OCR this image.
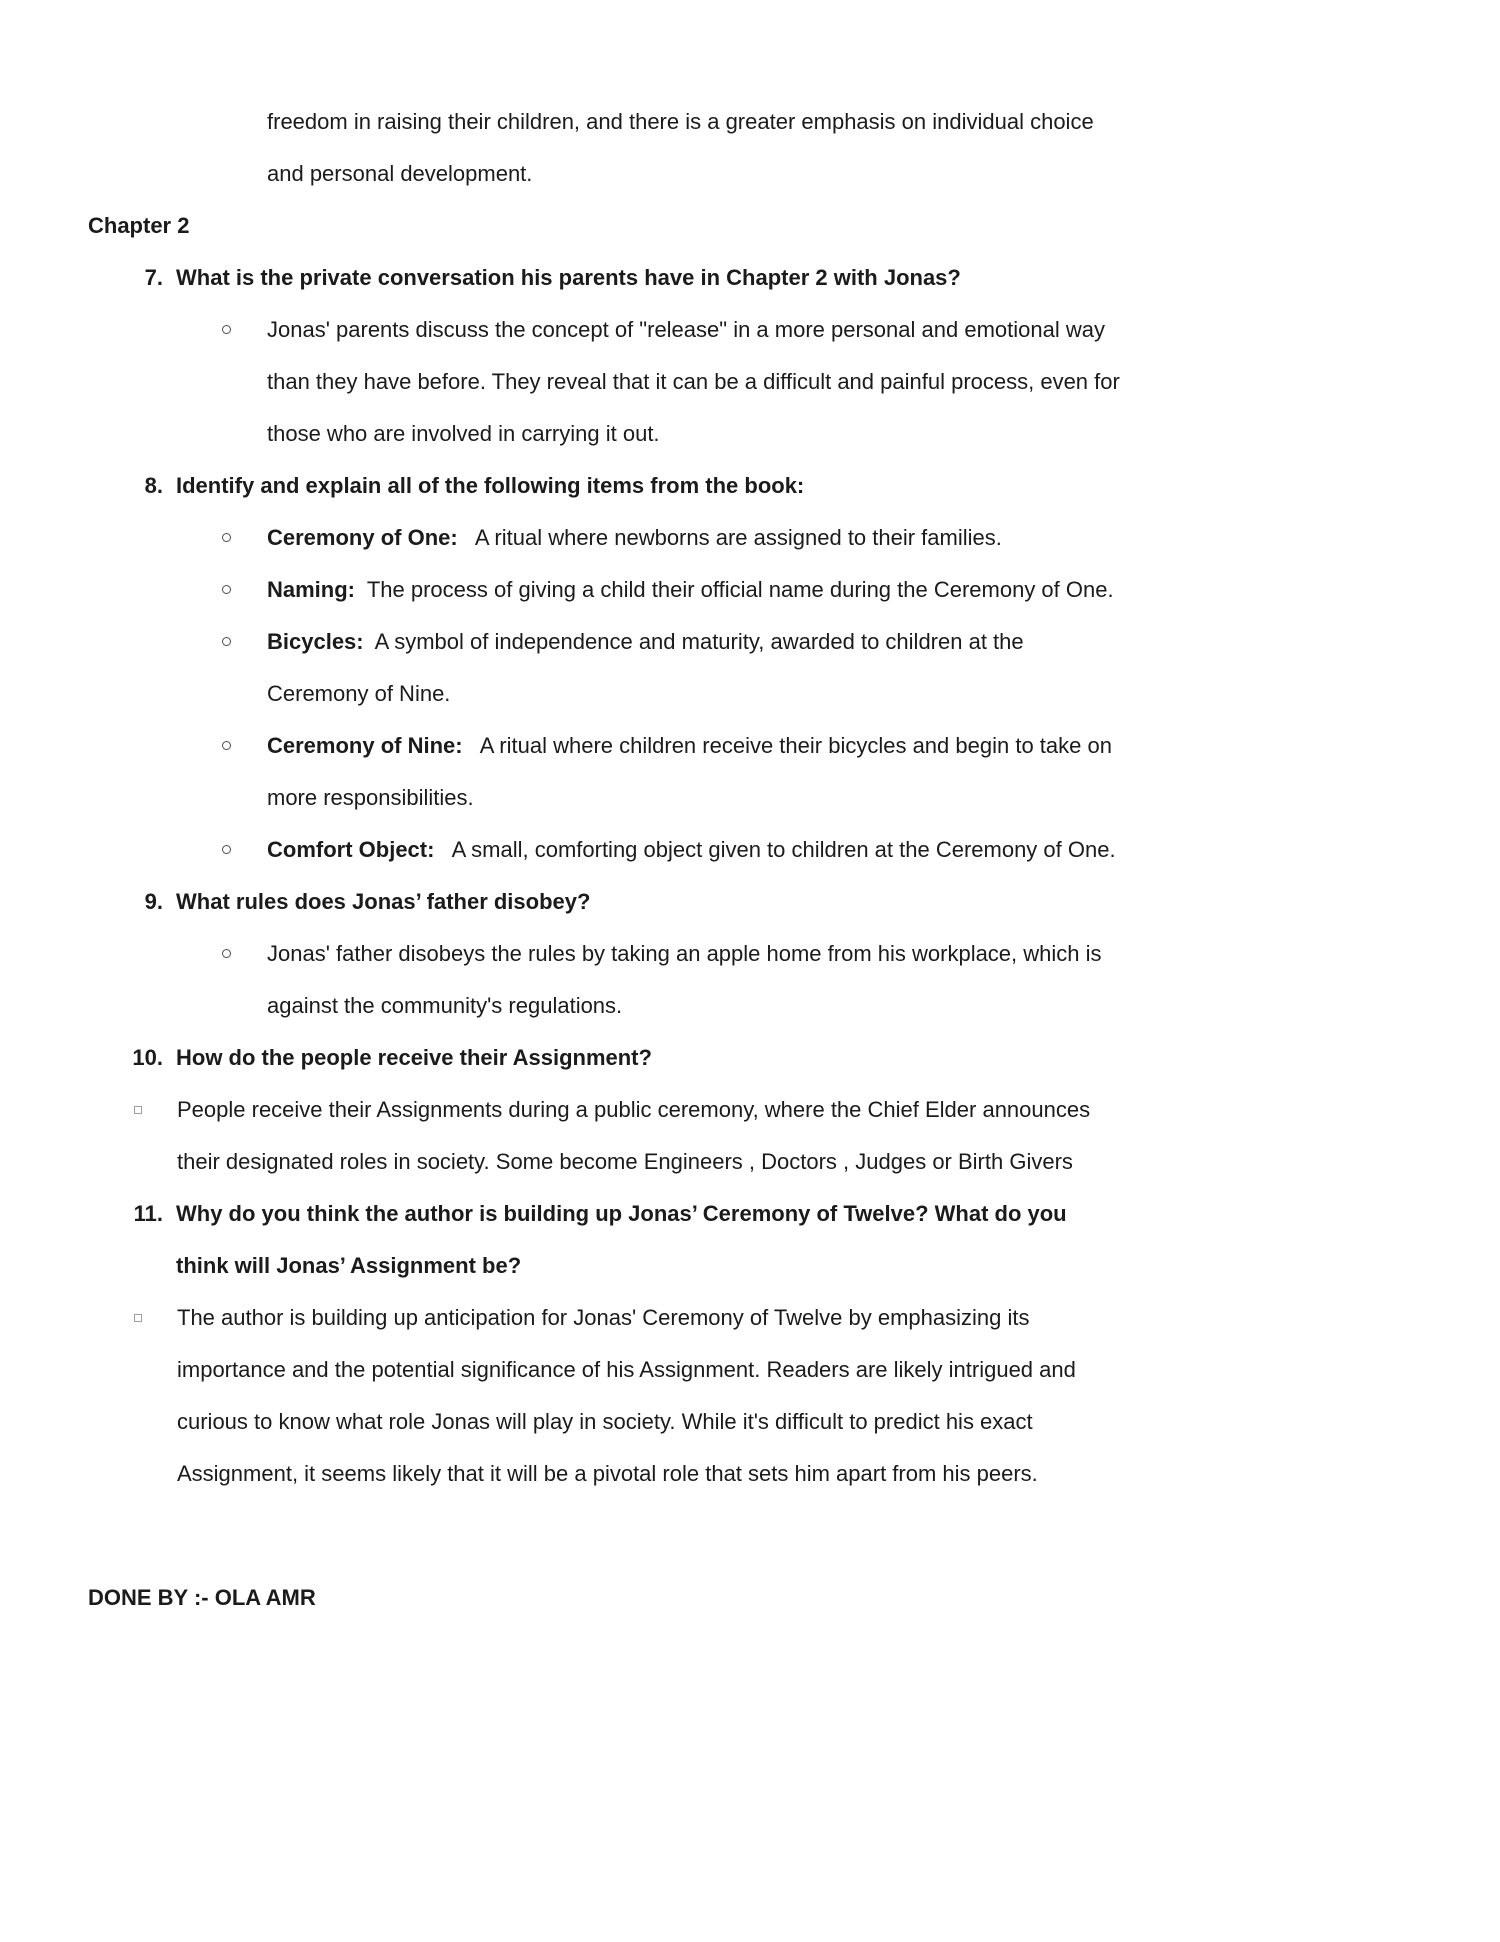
freedom in raising their children, and there is a greater emphasis on individual choice
and personal development.
Chapter 2
7. What is the private conversation his parents have in Chapter 2 with Jonas?
Jonas' parents discuss the concept of "release" in a more personal and emotional way
than they have before. They reveal that it can be a difficult and painful process, even for
those who are involved in carrying it out.
8. Identify and explain all of the following items from the book:
Ceremony of One:   A ritual where newborns are assigned to their families.
Naming:  The process of giving a child their official name during the Ceremony of One.
Bicycles:  A symbol of independence and maturity, awarded to children at the
Ceremony of Nine.
Ceremony of Nine:   A ritual where children receive their bicycles and begin to take on
more responsibilities.
Comfort Object:   A small, comforting object given to children at the Ceremony of One.
9. What rules does Jonas’ father disobey?
Jonas' father disobeys the rules by taking an apple home from his workplace, which is
against the community's regulations.
10. How do the people receive their Assignment?
People receive their Assignments during a public ceremony, where the Chief Elder announces
their designated roles in society. Some become Engineers , Doctors , Judges or Birth Givers
11. Why do you think the author is building up Jonas’ Ceremony of Twelve? What do you
think will Jonas’ Assignment be?
The author is building up anticipation for Jonas' Ceremony of Twelve by emphasizing its
importance and the potential significance of his Assignment. Readers are likely intrigued and
curious to know what role Jonas will play in society. While it's difficult to predict his exact
Assignment, it seems likely that it will be a pivotal role that sets him apart from his peers.
DONE BY :- OLA AMR
